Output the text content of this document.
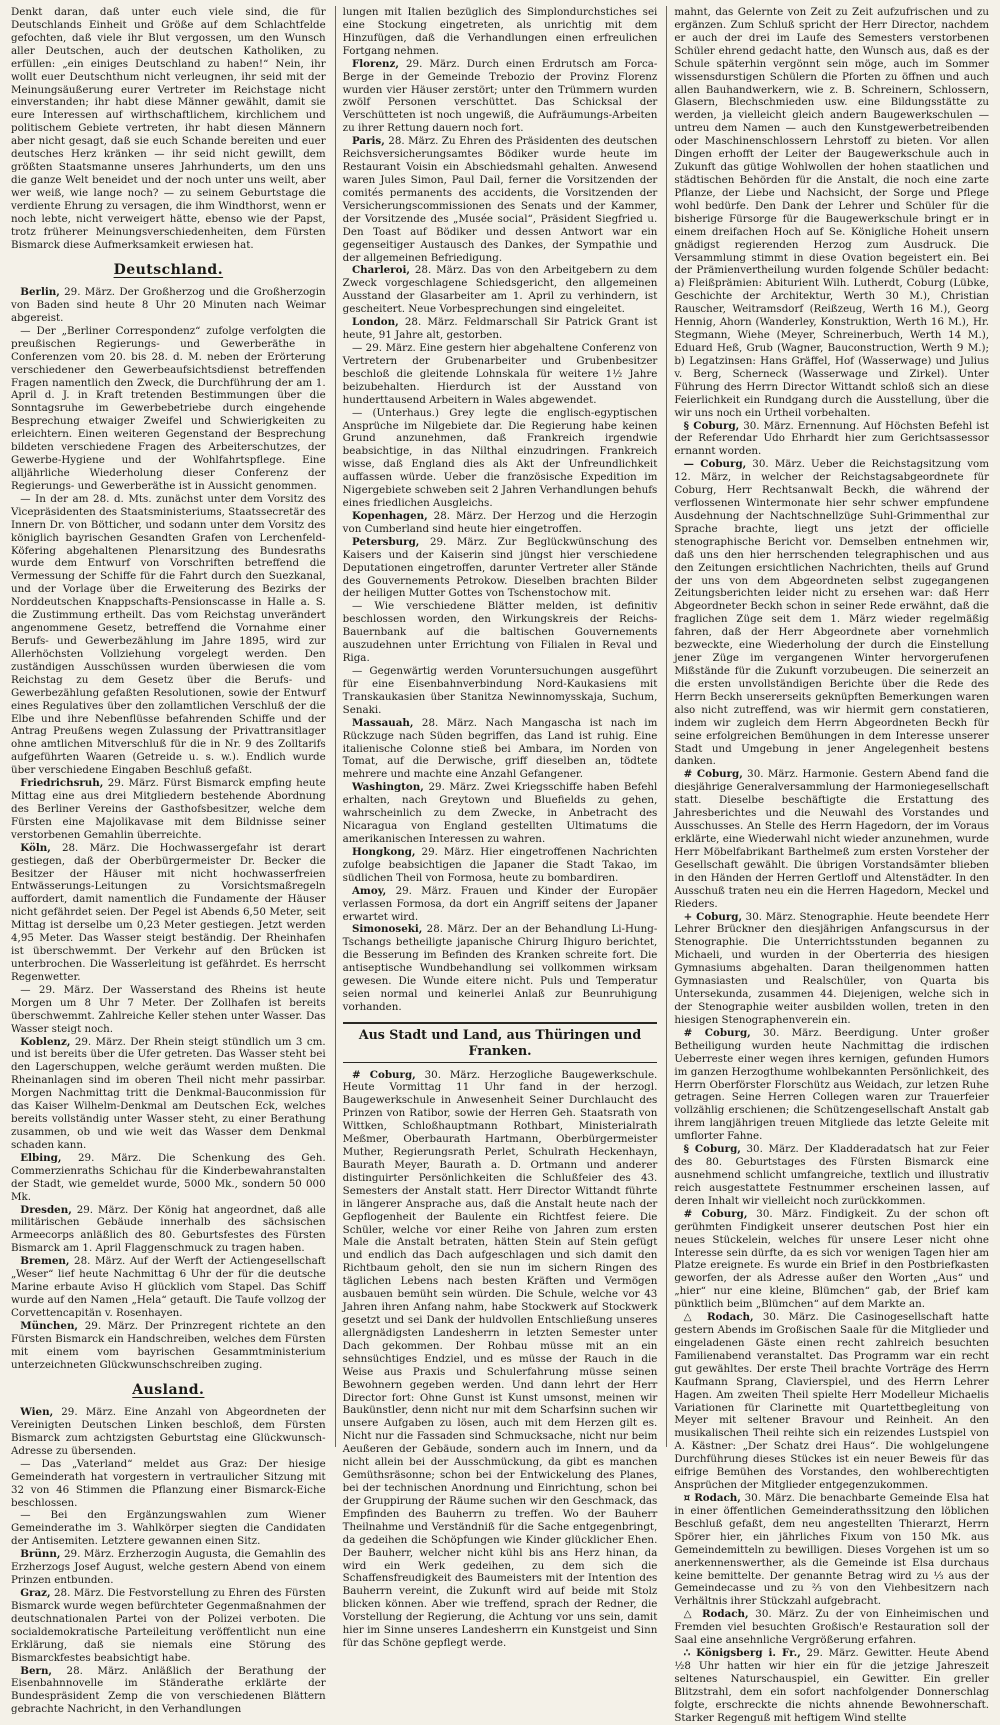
Denkt daran, daß unter euch viele sind, die für Deutschlands Einheit und Größe auf dem Schlachtfelde gefochten, daß viele ihr Blut vergossen, um den Wunsch aller Deutschen, auch der deutschen Katholiken, zu erfüllen: „ein einiges Deutschland zu haben!“ Nein, ihr wollt euer Deutschthum nicht verleugnen, ihr seid mit der Meinungsäußerung eurer Vertreter im Reichstage nicht einverstanden; ihr habt diese Männer gewählt, damit sie eure Interessen auf wirthschaftlichem, kirchlichem und politischem Gebiete vertreten, ihr habt diesen Männern aber nicht gesagt, daß sie euch Schande bereiten und euer deutsches Herz kränken — ihr seid nicht gewillt, dem größten Staatsmanne unseres Jahrhunderts, um den uns die ganze Welt beneidet und der noch unter uns weilt, aber wer weiß, wie lange noch? — zu seinem Geburtstage die verdiente Ehrung zu versagen, die ihm Windthorst, wenn er noch lebte, nicht verweigert hätte, ebenso wie der Papst, trotz früherer Meinungsverschiedenheiten, dem Fürsten Bismarck diese Aufmerksamkeit erwiesen hat.

Deutschland.

Berlin, 29. März. Der Großherzog und die Großherzogin von Baden sind heute 8 Uhr 20 Minuten nach Weimar abgereist.

— Der „Berliner Correspondenz“ zufolge verfolgten die preußischen Regierungs- und Gewerberäthe in Conferenzen vom 20. bis 28. d. M. neben der Erörterung verschiedener den Gewerbeaufsichtsdienst betreffenden Fragen namentlich den Zweck, die Durchführung der am 1. April d. J. in Kraft tretenden Bestimmungen über die Sonntagsruhe im Gewerbebetriebe durch eingehende Besprechung etwaiger Zweifel und Schwierigkeiten zu erleichtern. Einen weiteren Gegenstand der Besprechung bildeten verschiedene Fragen des Arbeiterschutzes, der Gewerbe-Hygiene und der Wohlfahrtspflege. Eine alljährliche Wiederholung dieser Conferenz der Regierungs- und Gewerberäthe ist in Aussicht genommen.

— In der am 28. d. Mts. zunächst unter dem Vorsitz des Vicepräsidenten des Staatsministeriums, Staatssecretär des Innern Dr. von Bötticher, und sodann unter dem Vorsitz des königlich bayrischen Gesandten Grafen von Lerchenfeld-Köfering abgehaltenen Plenarsitzung des Bundesraths wurde dem Entwurf von Vorschriften betreffend die Vermessung der Schiffe für die Fahrt durch den Suezkanal, und der Vorlage über die Erweiterung des Bezirks der Norddeutschen Knappschafts-Pensionscasse in Halle a. S. die Zustimmung ertheilt. Das vom Reichstag unverändert angenommene Gesetz, betreffend die Vornahme einer Berufs- und Gewerbezählung im Jahre 1895, wird zur Allerhöchsten Vollziehung vorgelegt werden. Den zuständigen Ausschüssen wurden überwiesen die vom Reichstag zu dem Gesetz über die Berufs- und Gewerbezählung gefaßten Resolutionen, sowie der Entwurf eines Regulatives über den zollamtlichen Verschluß der die Elbe und ihre Nebenflüsse befahrenden Schiffe und der Antrag Preußens wegen Zulassung der Privattransitlager ohne amtlichen Mitverschluß für die in Nr. 9 des Zolltarifs aufgeführten Waaren (Getreide u. s. w.). Endlich wurde über verschiedene Eingaben Beschluß gefaßt.

Friedrichsruh, 29. März. Fürst Bismarck empfing heute Mittag eine aus drei Mitgliedern bestehende Abordnung des Berliner Vereins der Gasthofsbesitzer, welche dem Fürsten eine Majolikavase mit dem Bildnisse seiner verstorbenen Gemahlin überreichte.

Köln, 28. März. Die Hochwassergefahr ist derart gestiegen, daß der Oberbürgermeister Dr. Becker die Besitzer der Häuser mit nicht hochwasserfreien Entwässerungs-Leitungen zu Vorsichtsmaßregeln auffordert, damit namentlich die Fundamente der Häuser nicht gefährdet seien. Der Pegel ist Abends 6,50 Meter, seit Mittag ist derselbe um 0,23 Meter gestiegen. Jetzt werden 4,95 Meter. Das Wasser steigt beständig. Der Rheinhafen ist überschwemmt. Der Verkehr auf den Brücken ist unterbrochen. Die Wasserleitung ist gefährdet. Es herrscht Regenwetter.

— 29. März. Der Wasserstand des Rheins ist heute Morgen um 8 Uhr 7 Meter. Der Zollhafen ist bereits überschwemmt. Zahlreiche Keller stehen unter Wasser. Das Wasser steigt noch.

Koblenz, 29. März. Der Rhein steigt stündlich um 3 cm. und ist bereits über die Ufer getreten. Das Wasser steht bei den Lagerschuppen, welche geräumt werden mußten. Die Rheinanlagen sind im oberen Theil nicht mehr passirbar. Morgen Nachmittag tritt die Denkmal-Bauconmission für das Kaiser Wilhelm-Denkmal am Deutschen Eck, welches bereits vollständig unter Wasser steht, zu einer Berathung zusammen, ob und wie weit das Wasser dem Denkmal schaden kann.

Elbing, 29. März. Die Schenkung des Geh. Commerzienraths Schichau für die Kinderbewahranstalten der Stadt, wie gemeldet wurde, 5000 Mk., sondern 50 000 Mk.

Dresden, 29. März. Der König hat angeordnet, daß alle militärischen Gebäude innerhalb des sächsischen Armeecorps anläßlich des 80. Geburtsfestes des Fürsten Bismarck am 1. April Flaggenschmuck zu tragen haben.

Bremen, 28. März. Auf der Werft der Actiengesellschaft „Weser“ lief heute Nachmittag 6 Uhr der für die deutsche Marine erbaute Aviso H glücklich vom Stapel. Das Schiff wurde auf den Namen „Hela“ getauft. Die Taufe vollzog der Corvettencapitän v. Rosenhayen.

München, 29. März. Der Prinzregent richtete an den Fürsten Bismarck ein Handschreiben, welches dem Fürsten mit einem vom bayrischen Gesammtministerium unterzeichneten Glückwunschschreiben zuging.

Ausland.

Wien, 29. März. Eine Anzahl von Abgeordneten der Vereinigten Deutschen Linken beschloß, dem Fürsten Bismarck zum achtzigsten Geburtstag eine Glückwunsch-Adresse zu übersenden.

— Das „Vaterland“ meldet aus Graz: Der hiesige Gemeinderath hat vorgestern in vertraulicher Sitzung mit 32 von 46 Stimmen die Pflanzung einer Bismarck-Eiche beschlossen.

— Bei den Ergänzungswahlen zum Wiener Gemeinderathe im 3. Wahlkörper siegten die Candidaten der Antisemiten. Letztere gewannen einen Sitz.

Brünn, 29. März. Erzherzogin Augusta, die Gemahlin des Erzherzogs Josef August, welche gestern Abend von einem Prinzen entbunden.

Graz, 28. März. Die Festvorstellung zu Ehren des Fürsten Bismarck wurde wegen befürchteter Gegenmaßnahmen der deutschnationalen Partei von der Polizei verboten. Die socialdemokratische Parteileitung veröffentlicht nun eine Erklärung, daß sie niemals eine Störung des Bismarckfestes beabsichtigt habe.

Bern, 28. März. Anläßlich der Berathung der Eisenbahnnovelle im Ständerathe erklärte der Bundespräsident Zemp die von verschiedenen Blättern gebrachte Nachricht, in den Verhandlungen

lungen mit Italien bezüglich des Simplondurchstiches sei eine Stockung eingetreten, als unrichtig mit dem Hinzufügen, daß die Verhandlungen einen erfreulichen Fortgang nehmen.

Florenz, 29. März. Durch einen Erdrutsch am Forca-Berge in der Gemeinde Trebozio der Provinz Florenz wurden vier Häuser zerstört; unter den Trümmern wurden zwölf Personen verschüttet. Das Schicksal der Verschütteten ist noch ungewiß, die Aufräumungs-Arbeiten zu ihrer Rettung dauern noch fort.

Paris, 28. März. Zu Ehren des Präsidenten des deutschen Reichsversicherungsamtes Bödiker wurde heute im Restaurant Voisin ein Abschiedsmahl gehalten. Anwesend waren Jules Simon, Paul Dail, ferner die Vorsitzenden der comités permanents des accidents, die Vorsitzenden der Versicherungscommissionen des Senats und der Kammer, der Vorsitzende des „Musée social“, Präsident Siegfried u. Den Toast auf Bödiker und dessen Antwort war ein gegenseitiger Austausch des Dankes, der Sympathie und der allgemeinen Befriedigung.

Charleroi, 28. März. Das von den Arbeitgebern zu dem Zweck vorgeschlagene Schiedsgericht, den allgemeinen Ausstand der Glasarbeiter am 1. April zu verhindern, ist gescheitert. Neue Vorbesprechungen sind eingeleitet.

London, 28. März. Feldmarschall Sir Patrick Grant ist heute, 91 Jahre alt, gestorben.

— 29. März. Eine gestern hier abgehaltene Conferenz von Vertretern der Grubenarbeiter und Grubenbesitzer beschloß die gleitende Lohnskala für weitere 1½ Jahre beizubehalten. Hierdurch ist der Ausstand von hunderttausend Arbeitern in Wales abgewendet.

— (Unterhaus.) Grey legte die englisch-egyptischen Ansprüche im Nilgebiete dar. Die Regierung habe keinen Grund anzunehmen, daß Frankreich irgendwie beabsichtige, in das Nilthal einzudringen. Frankreich wisse, daß England dies als Akt der Unfreundlichkeit auffassen würde. Ueber die französische Expedition im Nigergebiete schweben seit 2 Jahren Verhandlungen behufs eines friedlichen Ausgleichs.

Kopenhagen, 28. März. Der Herzog und die Herzogin von Cumberland sind heute hier eingetroffen.

Petersburg, 29. März. Zur Beglückwünschung des Kaisers und der Kaiserin sind jüngst hier verschiedene Deputationen eingetroffen, darunter Vertreter aller Stände des Gouvernements Petrokow. Dieselben brachten Bilder der heiligen Mutter Gottes von Tschenstochow mit.

— Wie verschiedene Blätter melden, ist definitiv beschlossen worden, den Wirkungskreis der Reichs-Bauernbank auf die baltischen Gouvernements auszudehnen unter Errichtung von Filialen in Reval und Riga.

— Gegenwärtig werden Voruntersuchungen ausgeführt für eine Eisenbahnverbindung Nord-Kaukasiens mit Transkaukasien über Stanitza Newinnomysskaja, Suchum, Senaki.

Massauah, 28. März. Nach Mangascha ist nach im Rückzuge nach Süden begriffen, das Land ist ruhig. Eine italienische Colonne stieß bei Ambara, im Norden von Tomat, auf die Derwische, griff dieselben an, tödtete mehrere und machte eine Anzahl Gefangener.

Washington, 29. März. Zwei Kriegsschiffe haben Befehl erhalten, nach Greytown und Bluefields zu gehen, wahrscheinlich zu dem Zwecke, in Anbetracht des Nicaragua von England gestellten Ultimatums die amerikanischen Interessen zu wahren.

Hongkong, 29. März. Hier eingetroffenen Nachrichten zufolge beabsichtigen die Japaner die Stadt Takao, im südlichen Theil von Formosa, heute zu bombardiren.

Amoy, 29. März. Frauen und Kinder der Europäer verlassen Formosa, da dort ein Angriff seitens der Japaner erwartet wird.

Simonoseki, 28. März. Der an der Behandlung Li-Hung-Tschangs betheiligte japanische Chirurg Ihiguro berichtet, die Besserung im Befinden des Kranken schreite fort. Die antiseptische Wundbehandlung sei vollkommen wirksam gewesen. Die Wunde eitere nicht. Puls und Temperatur seien normal und keinerlei Anlaß zur Beunruhigung vorhanden.

Aus Stadt und Land, aus Thüringen und Franken.

# Coburg, 30. März. Herzogliche Baugewerkschule. Heute Vormittag 11 Uhr fand in der herzogl. Baugewerkschule in Anwesenheit Seiner Durchlaucht des Prinzen von Ratibor, sowie der Herren Geh. Staatsrath von Wittken, Schloßhauptmann Rothbart, Ministerialrath Meßmer, Oberbaurath Hartmann, Oberbürgermeister Muther, Regierungsrath Perlet, Schulrath Heckenhayn, Baurath Meyer, Baurath a. D. Ortmann und anderer distinguirter Persönlichkeiten die Schlußfeier des 43. Semesters der Anstalt statt. Herr Director Wittandt führte in längerer Ansprache aus, daß die Anstalt heute nach der Gepflogenheit der Baulente ein Richtfest feiere. Die Schüler, welche vor einer Reihe von Jahren zum ersten Male die Anstalt betraten, hätten Stein auf Stein gefügt und endlich das Dach aufgeschlagen und sich damit den Richtbaum geholt, den sie nun im sichern Ringen des täglichen Lebens nach besten Kräften und Vermögen ausbauen bemüht sein würden. Die Schule, welche vor 43 Jahren ihren Anfang nahm, habe Stockwerk auf Stockwerk gesetzt und sei Dank der huldvollen Entschließung unseres allergnädigsten Landesherrn in letzten Semester unter Dach gekommen. Der Rohbau müsse mit an ein sehnsüchtiges Endziel, und es müsse der Rauch in die Weise aus Praxis und Schulerfahrung müsse seinen Bewohnern gegeben werden. Und dann lehrt der Herr Director fort: Ohne Gunst ist Kunst umsonst, meinen wir Baukünstler, denn nicht nur mit dem Scharfsinn suchen wir unsere Aufgaben zu lösen, auch mit dem Herzen gilt es. Nicht nur die Fassaden sind Schmucksache, nicht nur beim Aeußeren der Gebäude, sondern auch im Innern, und da nicht allein bei der Ausschmückung, da gibt es manchen Gemüthsräsonne; schon bei der Entwickelung des Planes, bei der technischen Anordnung und Einrichtung, schon bei der Gruppirung der Räume suchen wir den Geschmack, das Empfinden des Bauherrn zu treffen. Wo der Bauherr Theilnahme und Verständniß für die Sache entgegenbringt, da gedeihen die Schöpfungen wie Kinder glücklicher Ehen. Der Bauherr, welcher nicht kühl bis ans Herz hinan, da wird ein Werk gedeihen, zu dem sich die Schaffensfreudigkeit des Baumeisters mit der Intention des Bauherrn vereint, die Zukunft wird auf beide mit Stolz blicken können. Aber wie treffend, sprach der Redner, die Vorstellung der Regierung, die Achtung vor uns sein, damit hier im Sinne unseres Landesherrn ein Kunstgeist und Sinn für das Schöne gepflegt werde.

mahnt, das Gelernte von Zeit zu Zeit aufzufrischen und zu ergänzen. Zum Schluß spricht der Herr Director, nachdem er auch der drei im Laufe des Semesters verstorbenen Schüler ehrend gedacht hatte, den Wunsch aus, daß es der Schule späterhin vergönnt sein möge, auch im Sommer wissensdurstigen Schülern die Pforten zu öffnen und auch allen Bauhandwerkern, wie z. B. Schreinern, Schlossern, Glasern, Blechschmieden usw. eine Bildungsstätte zu werden, ja vielleicht gleich andern Baugewerkschulen — untreu dem Namen — auch den Kunstgewerbetreibenden oder Maschinenschlossern Lehrstoff zu bieten. Vor allen Dingen erhofft der Leiter der Baugewerkschule auch in Zukunft das gütige Wohlwollen der hohen staatlichen und städtischen Behörden für die Anstalt, die noch eine zarte Pflanze, der Liebe und Nachsicht, der Sorge und Pflege wohl bedürfe. Den Dank der Lehrer und Schüler für die bisherige Fürsorge für die Baugewerkschule bringt er in einem dreifachen Hoch auf Se. Königliche Hoheit unsern gnädigst regierenden Herzog zum Ausdruck. Die Versammlung stimmt in diese Ovation begeistert ein. Bei der Prämienvertheilung wurden folgende Schüler bedacht: a) Fleißprämien: Abiturient Wilh. Lutherdt, Coburg (Lübke, Geschichte der Architektur, Werth 30 M.), Christian Rauscher, Weitramsdorf (Reißzeug, Werth 16 M.), Georg Hennig, Ahorn (Wanderley, Konstruktion, Werth 16 M.), Hr. Stegmann, Wiehe (Meyer, Schreinerbuch, Werth 14 M.), Eduard Heß, Grub (Wagner, Bauconstruction, Werth 9 M.); b) Legatzinsen: Hans Gräffel, Hof (Wasserwage) und Julius v. Berg, Scherneck (Wasserwage und Zirkel). Unter Führung des Herrn Director Wittandt schloß sich an diese Feierlichkeit ein Rundgang durch die Ausstellung, über die wir uns noch ein Urtheil vorbehalten.

§ Coburg, 30. März. Ernennung. Auf Höchsten Befehl ist der Referendar Udo Ehrhardt hier zum Gerichtsassessor ernannt worden.

— Coburg, 30. März. Ueber die Reichstagsitzung vom 12. März, in welcher der Reichstagsabgeordnete für Coburg, Herr Rechtsanwalt Beckh, die während der verflossenen Wintermonate hier sehr schwer empfundene Ausdehnung der Nachtschnellzüge Suhl-Grimmenthal zur Sprache brachte, liegt uns jetzt der officielle stenographische Bericht vor. Demselben entnehmen wir, daß uns den hier herrschenden telegraphischen und aus den Zeitungen ersichtlichen Nachrichten, theils auf Grund der uns von dem Abgeordneten selbst zugegangenen Zeitungsberichten leider nicht zu ersehen war: daß Herr Abgeordneter Beckh schon in seiner Rede erwähnt, daß die fraglichen Züge seit dem 1. März wieder regelmäßig fahren, daß der Herr Abgeordnete aber vornehmlich bezweckte, eine Wiederholung der durch die Einstellung jener Züge im vergangenen Winter hervorgerufenen Mißstände für die Zukunft vorzubeugen. Die seinerzeit an die ersten unvollständigen Berichte über die Rede des Herrn Beckh unsererseits geknüpften Bemerkungen waren also nicht zutreffend, was wir hiermit gern constatieren, indem wir zugleich dem Herrn Abgeordneten Beckh für seine erfolgreichen Bemühungen in dem Interesse unserer Stadt und Umgebung in jener Angelegenheit bestens danken.

# Coburg, 30. März. Harmonie. Gestern Abend fand die diesjährige Generalversammlung der Harmoniegesellschaft statt. Dieselbe beschäftigte die Erstattung des Jahresberichtes und die Neuwahl des Vorstandes und Ausschusses. An Stelle des Herrn Hagedorn, der im Voraus erklärte, eine Wiederwahl nicht wieder anzunehmen, wurde Herr Möbelfabrikant Barthelmeß zum ersten Vorsteher der Gesellschaft gewählt. Die übrigen Vorstandsämter blieben in den Händen der Herren Gertloff und Altenstädter. In den Ausschuß traten neu ein die Herren Hagedorn, Meckel und Rieders.

+ Coburg, 30. März. Stenographie. Heute beendete Herr Lehrer Brückner den diesjährigen Anfangscursus in der Stenographie. Die Unterrichtsstunden begannen zu Michaeli, und wurden in der Oberterria des hiesigen Gymnasiums abgehalten. Daran theilgenommen hatten Gymnasiasten und Realschüler, von Quarta bis Untersekunda, zusammen 44. Diejenigen, welche sich in der Stenographie weiter ausbilden wollen, treten in den hiesigen Stenographenverein ein.

# Coburg, 30. März. Beerdigung. Unter großer Betheiligung wurden heute Nachmittag die irdischen Ueberreste einer wegen ihres kernigen, gefunden Humors im ganzen Herzogthume wohlbekannten Persönlichkeit, des Herrn Oberförster Florschütz aus Weidach, zur letzen Ruhe getragen. Seine Herren Collegen waren zur Trauerfeier vollzählig erschienen; die Schützengesellschaft Anstalt gab ihrem langjährigen treuen Mitgliede das letzte Geleite mit umflorter Fahne.

§ Coburg, 30. März. Der Kladderadatsch hat zur Feier des 80. Geburtstages des Fürsten Bismarck eine ausnehmend schlicht umfangreiche, textlich und illustrativ reich ausgestattete Festnummer erscheinen lassen, auf deren Inhalt wir vielleicht noch zurückkommen.

# Coburg, 30. März. Findigkeit. Zu der schon oft gerühmten Findigkeit unserer deutschen Post hier ein neues Stückelein, welches für unsere Leser nicht ohne Interesse sein dürfte, da es sich vor wenigen Tagen hier am Platze ereignete. Es wurde ein Brief in den Postbriefkasten geworfen, der als Adresse außer den Worten „Aus“ und „hier“ nur eine kleine, Blümchen“ gab, der Brief kam pünktlich beim „Blümchen“ auf dem Markte an.

△ Rodach, 30. März. Die Casinogesellschaft hatte gestern Abends im Großischen Saale für die Mitglieder und eingeladenen Gäste einen recht zahlreich besuchten Familienabend veranstaltet. Das Programm war ein recht gut gewähltes. Der erste Theil brachte Vorträge des Herrn Kaufmann Sprang, Clavierspiel, und des Herrn Lehrer Hagen. Am zweiten Theil spielte Herr Modelleur Michaelis Variationen für Clarinette mit Quartettbegleitung von Meyer mit seltener Bravour und Reinheit. An den musikalischen Theil reihte sich ein reizendes Lustspiel von A. Kästner: „Der Schatz drei Haus“. Die wohlgelungene Durchführung dieses Stückes ist ein neuer Beweis für das eifrige Bemühen des Vorstandes, den wohlberechtigten Ansprüchen der Mitglieder entgegenzukommen.

¤ Rodach, 30. März. Die benachbarte Gemeinde Elsa hat in einer öffentlichen Gemeinderathssitzung den löblichen Beschluß gefaßt, dem neu angestellten Thierarzt, Herrn Spörer hier, ein jährliches Fixum von 150 Mk. aus Gemeindemitteln zu bewilligen. Dieses Vorgehen ist um so anerkennenswerther, als die Gemeinde ist Elsa durchaus keine bemittelte. Der genannte Betrag wird zu ⅓ aus der Gemeindecasse und zu ⅔ von den Viehbesitzern nach Verhältnis ihrer Stückzahl aufgebracht.

△ Rodach, 30. März. Zu der von Einheimischen und Fremden viel besuchten Großisch'e Restauration soll der Saal eine ansehnliche Vergrößerung erfahren.

∴ Königsberg i. Fr., 29. März. Gewitter. Heute Abend ½8 Uhr hatten wir hier ein für die jetzige Jahreszeit seltenes Naturschauspiel, ein Gewitter. Ein greller Blitzstrahl, dem ein sofort nachfolgender Donnerschlag folgte, erschreckte die nichts ahnende Bewohnerschaft. Starker Regenguß mit heftigem Wind stellte
